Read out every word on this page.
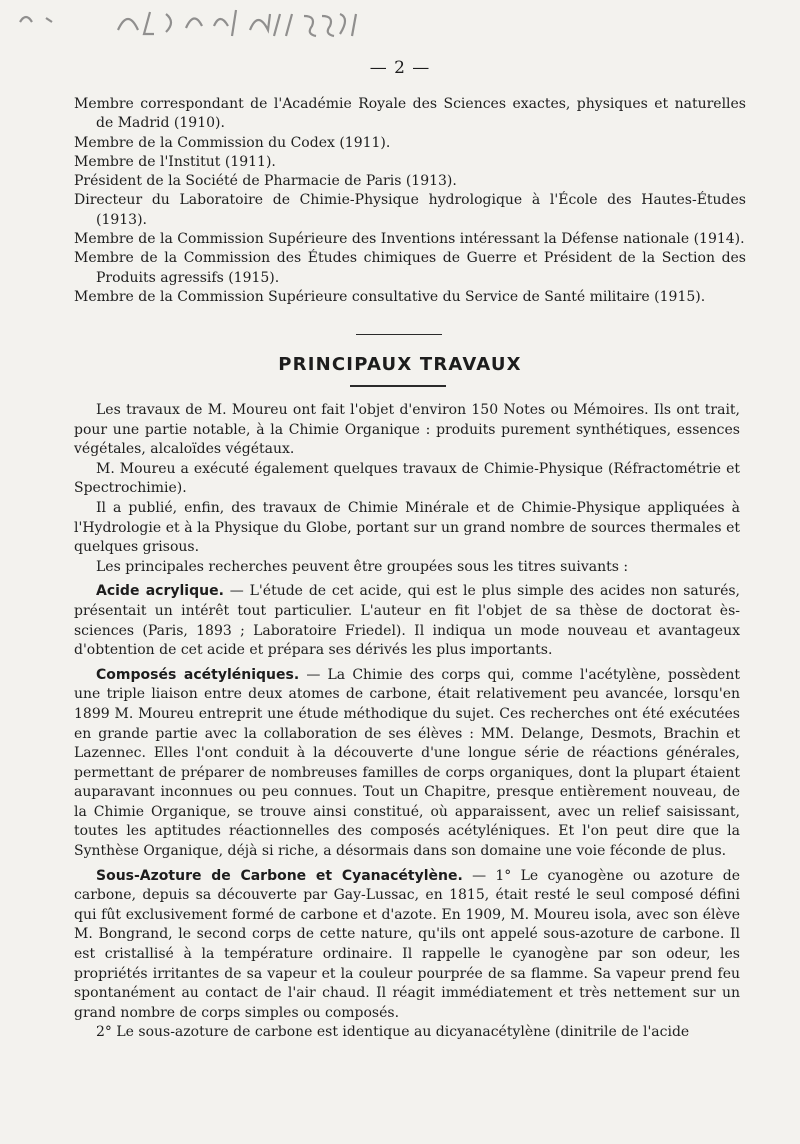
— 2 —
Membre correspondant de l'Académie Royale des Sciences exactes, physiques et naturelles de Madrid (1910).
Membre de la Commission du Codex (1911).
Membre de l'Institut (1911).
Président de la Société de Pharmacie de Paris (1913).
Directeur du Laboratoire de Chimie-Physique hydrologique à l'École des Hautes-Études (1913).
Membre de la Commission Supérieure des Inventions intéressant la Défense nationale (1914).
Membre de la Commission des Études chimiques de Guerre et Président de la Section des Produits agressifs (1915).
Membre de la Commission Supérieure consultative du Service de Santé militaire (1915).
PRINCIPAUX TRAVAUX

Les travaux de M. Moureu ont fait l'objet d'environ 150 Notes ou Mémoires. Ils ont trait, pour une partie notable, à la Chimie Organique : produits purement synthétiques, essences végétales, alcaloïdes végétaux.

M. Moureu a exécuté également quelques travaux de Chimie-Physique (Réfractométrie et Spectrochimie).

Il a publié, enfin, des travaux de Chimie Minérale et de Chimie-Physique appliquées à l'Hydrologie et à la Physique du Globe, portant sur un grand nombre de sources thermales et quelques grisous.

Les principales recherches peuvent être groupées sous les titres suivants :

Acide acrylique. — L'étude de cet acide, qui est le plus simple des acides non saturés, présentait un intérêt tout particulier. L'auteur en fit l'objet de sa thèse de doctorat ès-sciences (Paris, 1893 ; Laboratoire Friedel). Il indiqua un mode nouveau et avantageux d'obtention de cet acide et prépara ses dérivés les plus importants.

Composés acétyléniques. — La Chimie des corps qui, comme l'acétylène, possèdent une triple liaison entre deux atomes de carbone, était relativement peu avancée, lorsqu'en 1899 M. Moureu entreprit une étude méthodique du sujet. Ces recherches ont été exécutées en grande partie avec la collaboration de ses élèves : MM. Delange, Desmots, Brachin et Lazennec. Elles l'ont conduit à la découverte d'une longue série de réactions générales, permettant de préparer de nombreuses familles de corps organiques, dont la plupart étaient auparavant inconnues ou peu connues. Tout un Chapitre, presque entièrement nouveau, de la Chimie Organique, se trouve ainsi constitué, où apparaissent, avec un relief saisissant, toutes les aptitudes réactionnelles des composés acétyléniques. Et l'on peut dire que la Synthèse Organique, déjà si riche, a désormais dans son domaine une voie féconde de plus.

Sous-Azoture de Carbone et Cyanacétylène. — 1° Le cyanogène ou azoture de carbone, depuis sa découverte par Gay-Lussac, en 1815, était resté le seul composé défini qui fût exclusivement formé de carbone et d'azote. En 1909, M. Moureu isola, avec son élève M. Bongrand, le second corps de cette nature, qu'ils ont appelé sous-azoture de carbone. Il est cristallisé à la température ordinaire. Il rappelle le cyanogène par son odeur, les propriétés irritantes de sa vapeur et la couleur pourprée de sa flamme. Sa vapeur prend feu spontanément au contact de l'air chaud. Il réagit immédiatement et très nettement sur un grand nombre de corps simples ou composés.

2° Le sous-azoture de carbone est identique au dicyanacétylène (dinitrile de l'acide
